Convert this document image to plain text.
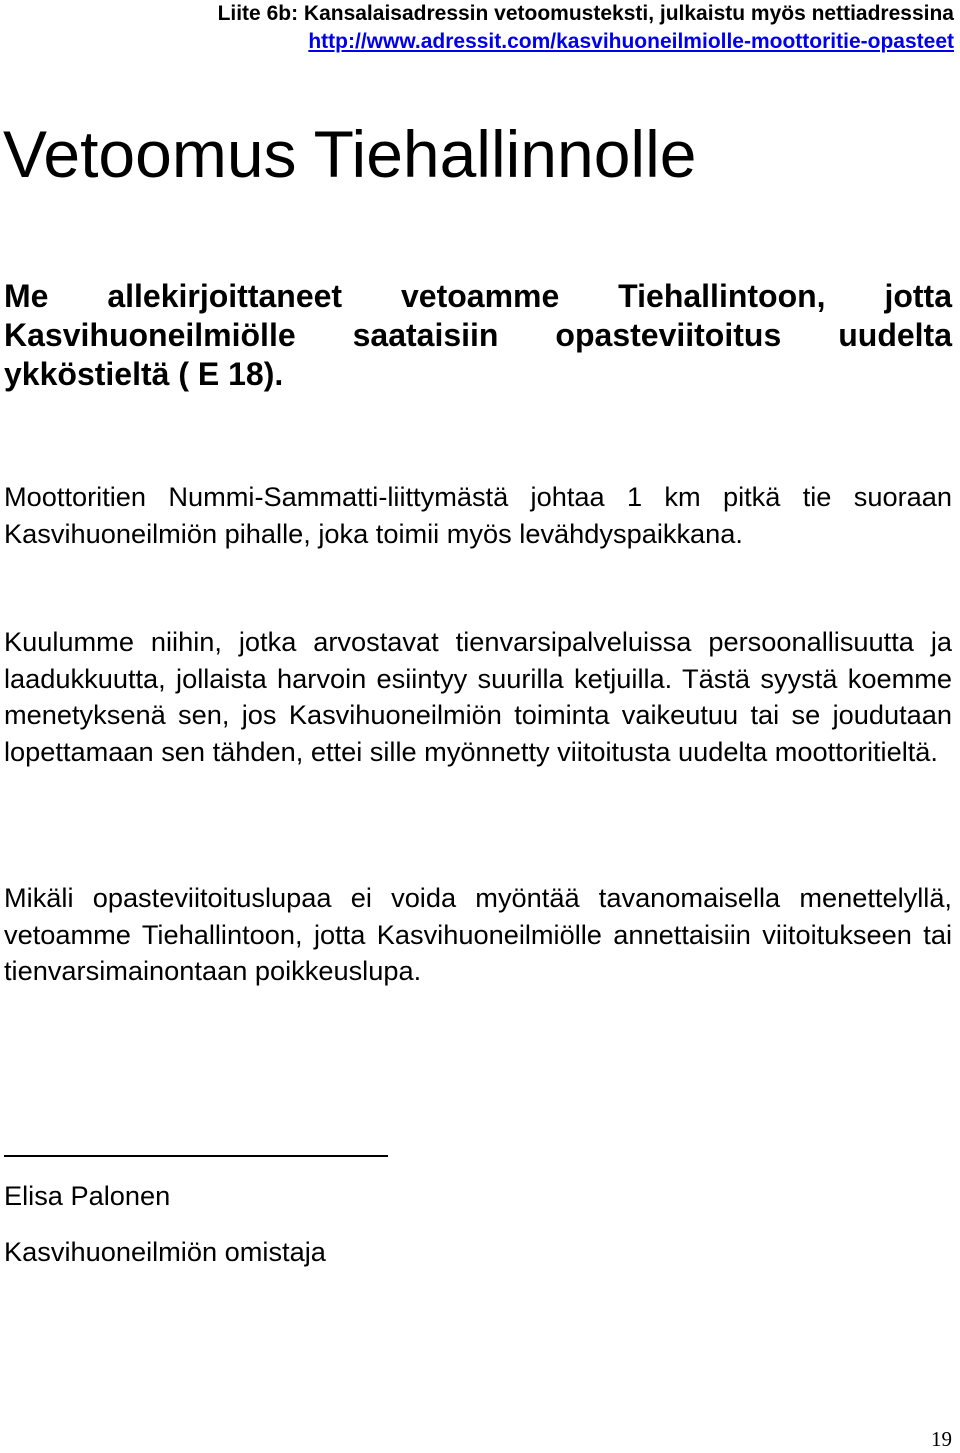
Liite 6b: Kansalaisadressin vetoomusteksti, julkaistu myös nettiadressina
http://www.adressit.com/kasvihuoneilmiolle-moottoritie-opasteet
Vetoomus Tiehallinnolle

Me allekirjoittaneet vetoamme Tiehallintoon, jotta Kasvihuoneilmiölle saataisiin opasteviitoitus uudelta ykköstieltä ( E 18).

Moottoritien Nummi-Sammatti-liittymästä johtaa 1 km pitkä tie suoraan Kasvihuoneilmiön pihalle, joka toimii myös levähdyspaikkana.

Kuulumme niihin, jotka arvostavat tienvarsipalveluissa persoonallisuutta ja laadukkuutta, jollaista harvoin esiintyy suurilla ketjuilla. Tästä syystä koemme menetyksenä sen, jos Kasvihuoneilmiön toiminta vaikeutuu tai se joudutaan lopettamaan sen tähden, ettei sille myönnetty viitoitusta uudelta moottoritieltä.

Mikäli opasteviitoituslupaa ei voida myöntää tavanomaisella menettelyllä, vetoamme Tiehallintoon, jotta Kasvihuoneilmiölle annettaisiin viitoitukseen tai tienvarsimainontaan poikkeuslupa.

Elisa Palonen
Kasvihuoneilmiön omistaja
19
